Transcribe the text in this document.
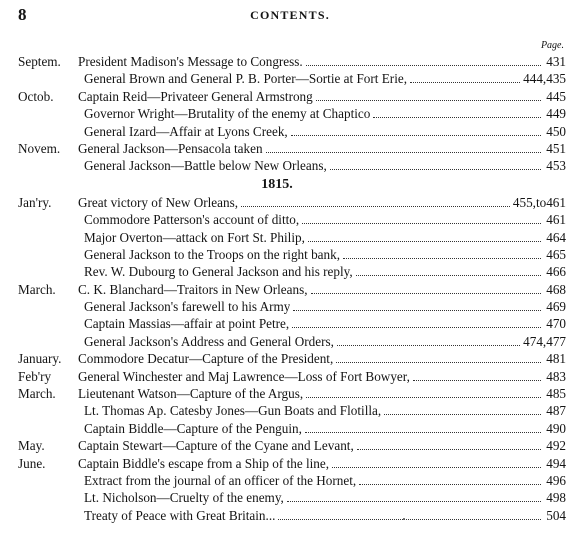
8	CONTENTS.
Page.
Septem.	President Madison's Message to Congress.	431
General Brown and General P. B. Porter—Sortie at Fort Erie,	444,435
Octob.	Captain Reid—Privateer General Armstrong	445
Governor Wright—Brutality of the enemy at Chaptico	449
General Izard—Affair at Lyons Creek,	450
Novem.	General Jackson—Pensacola taken	451
General Jackson—Battle below New Orleans,	453
1815.
Jan'ry.	Great victory of New Orleans,	455,to461
Commodore Patterson's account of ditto,	461
Major Overton—attack on Fort St. Philip,	464
General Jackson to the Troops on the right bank,	465
Rev. W. Dubourg to General Jackson and his reply,	466
March.	C. K. Blanchard—Traitors in New Orleans,	468
General Jackson's farewell to his Army	469
Captain Massias—affair at point Petre,	470
General Jackson's Address and General Orders,	474,477
January.	Commodore Decatur—Capture of the President,	481
Feb'ry	General Winchester and Maj Lawrence—Loss of Fort Bowyer,	483
March.	Lieutenant Watson—Capture of the Argus,	485
Lt. Thomas Ap. Catesby Jones—Gun Boats and Flotilla,	487
Captain Biddle—Capture of the Penguin,	490
May.	Captain Stewart—Capture of the Cyane and Levant,	492
June.	Captain Biddle's escape from a Ship of the line,	494
Extract from the journal of an officer of the Hornet,	496
Lt. Nicholson—Cruelty of the enemy,	498
Treaty of Peace with Great Britain...	504
